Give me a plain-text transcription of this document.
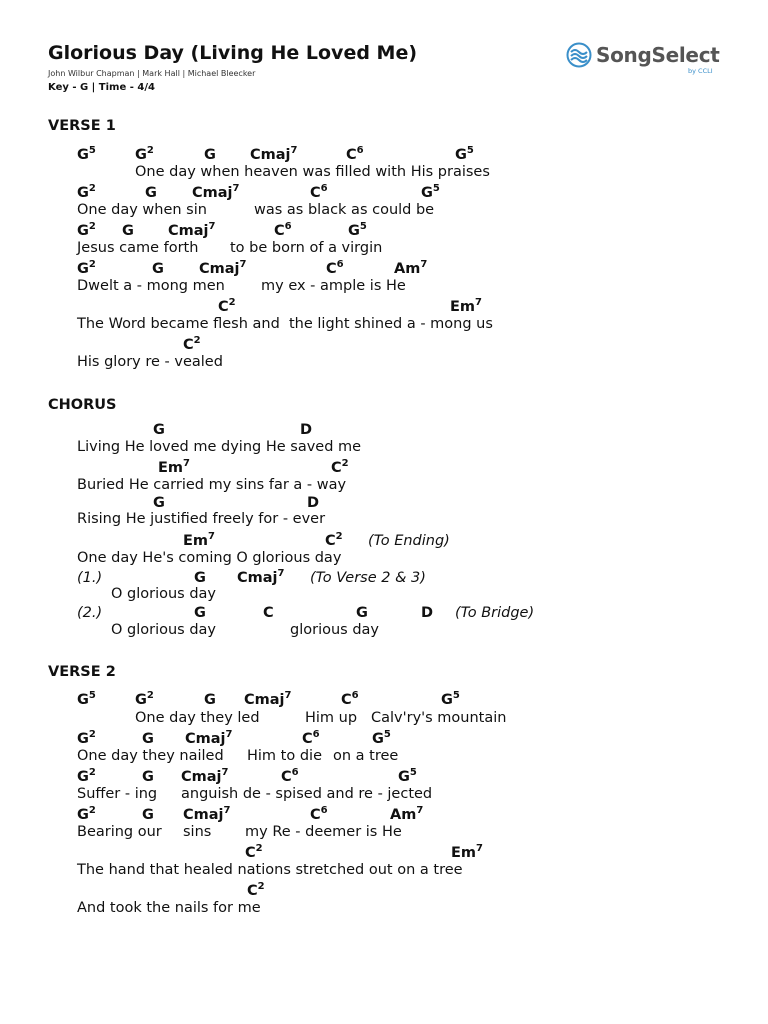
Glorious Day (Living He Loved Me)
John Wilbur Chapman | Mark Hall | Michael Bleecker
Key - G | Time - 4/4
SongSelect
by CCLI
VERSE 1
$G^5$	$G^2$	G Cmaj$^7$	$C^6$	$G^5$
One day when heaven was filled with His praises
$G^2$	G Cmaj$^7$	$C^6$	$G^5$
One day when sin	was as black as could be
$G^2$ G Cmaj$^7$	$C^6$	$G^5$
Jesus came forth to be born of a virgin
$G^2$	G Cmaj$^7$	$C^6$	Am$^7$
Dwelt a - mong men my ex - ample is He
$C^2$	Em$^7$
The Word became flesh and the light shined a - mong us
$C^2$
His glory re - vealed
CHORUS
G	D
Living He loved me dying He saved me
Em$^7$	$C^2$
Buried He carried my sins far a - way
G	D
Rising He justified freely for - ever
Em$^7$	$C^2$ (To Ending)
One day He's coming O glorious day
(1.)	G Cmaj$^7$ (To Verse 2 & 3)
O glorious day
(2.)	G	C	G	D (To Bridge)
O glorious day	glorious day
VERSE 2
$G^5$	$G^2$	G Cmaj$^7$	$C^6$	$G^5$
One day they led	Him up Calv'ry's mountain
$G^2$	G Cmaj$^7$	$C^6$	$G^5$
One day they nailed Him to die on a tree
$G^2$	G Cmaj$^7$	$C^6$	$G^5$
Suffer - ing anguish de - spised and re - jected
$G^2$	G Cmaj$^7$	$C^6$	Am$^7$
Bearing our sins my Re - deemer is He
$C^2$	Em$^7$
The hand that healed nations stretched out on a tree
$C^2$
And took the nails for me
